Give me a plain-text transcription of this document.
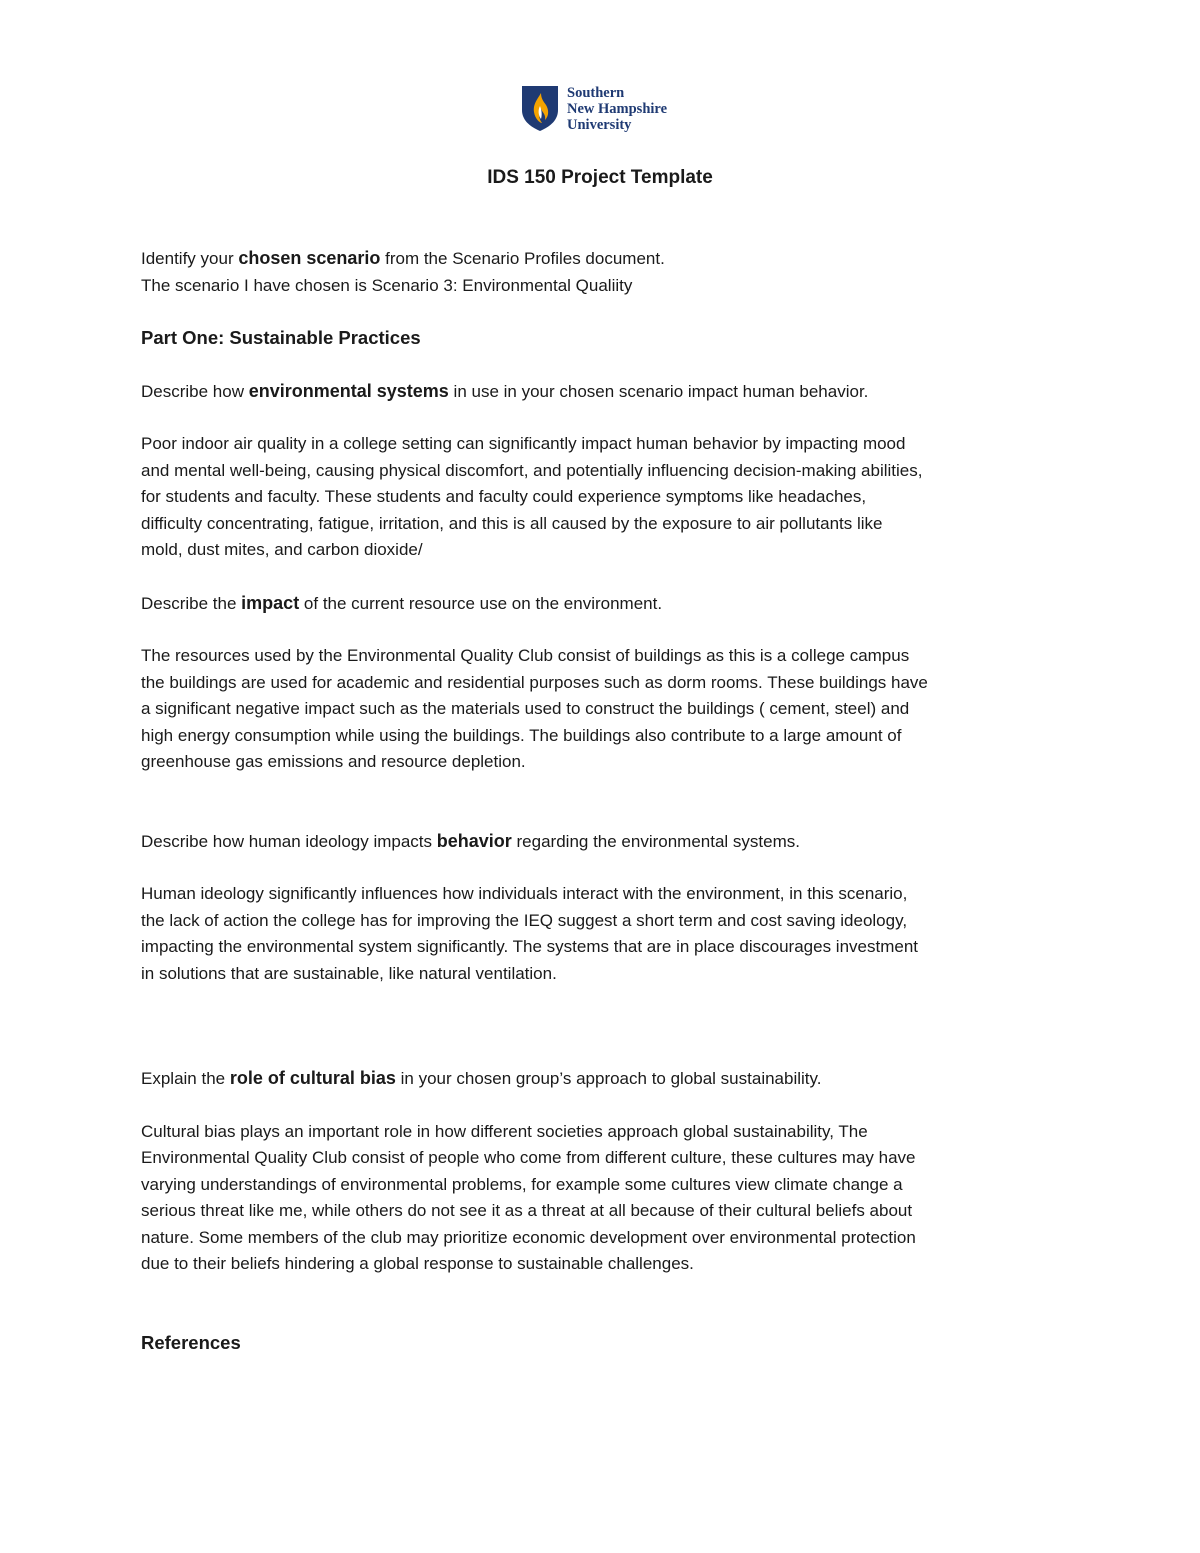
Southern
New Hampshire
University
IDS 150 Project Template

Identify your chosen scenario from the Scenario Profiles document.

The scenario I have chosen is Scenario 3: Environmental Qualiity

Part One: Sustainable Practices

Describe how environmental systems in use in your chosen scenario impact human behavior.

Poor indoor air quality in a college setting can significantly impact human behavior by impacting mood

and mental well-being, causing physical discomfort, and potentially influencing decision-making abilities,

for students and faculty. These students and faculty could experience symptoms like headaches,

difficulty concentrating, fatigue, irritation, and this is all caused by the exposure to air pollutants like

mold, dust mites, and carbon dioxide/

Describe the impact of the current resource use on the environment.

The resources used by the Environmental Quality Club consist of buildings as this is a college campus

the buildings are used for academic and residential purposes such as dorm rooms. These buildings have

a significant negative impact such as the materials used to construct the buildings ( cement, steel) and

high energy consumption while using the buildings. The buildings also contribute to a large amount of

greenhouse gas emissions and resource depletion.

Describe how human ideology impacts behavior regarding the environmental systems.

Human ideology significantly influences how individuals interact with the environment, in this scenario,

the lack of action the college has for improving the IEQ suggest a short term and cost saving ideology,

impacting the environmental system significantly. The systems that are in place discourages investment

in solutions that are sustainable, like natural ventilation.

Explain the role of cultural bias in your chosen group’s approach to global sustainability.

Cultural bias plays an important role in how different societies approach global sustainability, The

Environmental Quality Club consist of people who come from different culture, these cultures may have

varying understandings of environmental problems, for example some cultures view climate change a

serious threat like me, while others do not see it as a threat at all because of their cultural beliefs about

nature. Some members of the club may prioritize economic development over environmental protection

due to their beliefs hindering a global response to sustainable challenges.

References
